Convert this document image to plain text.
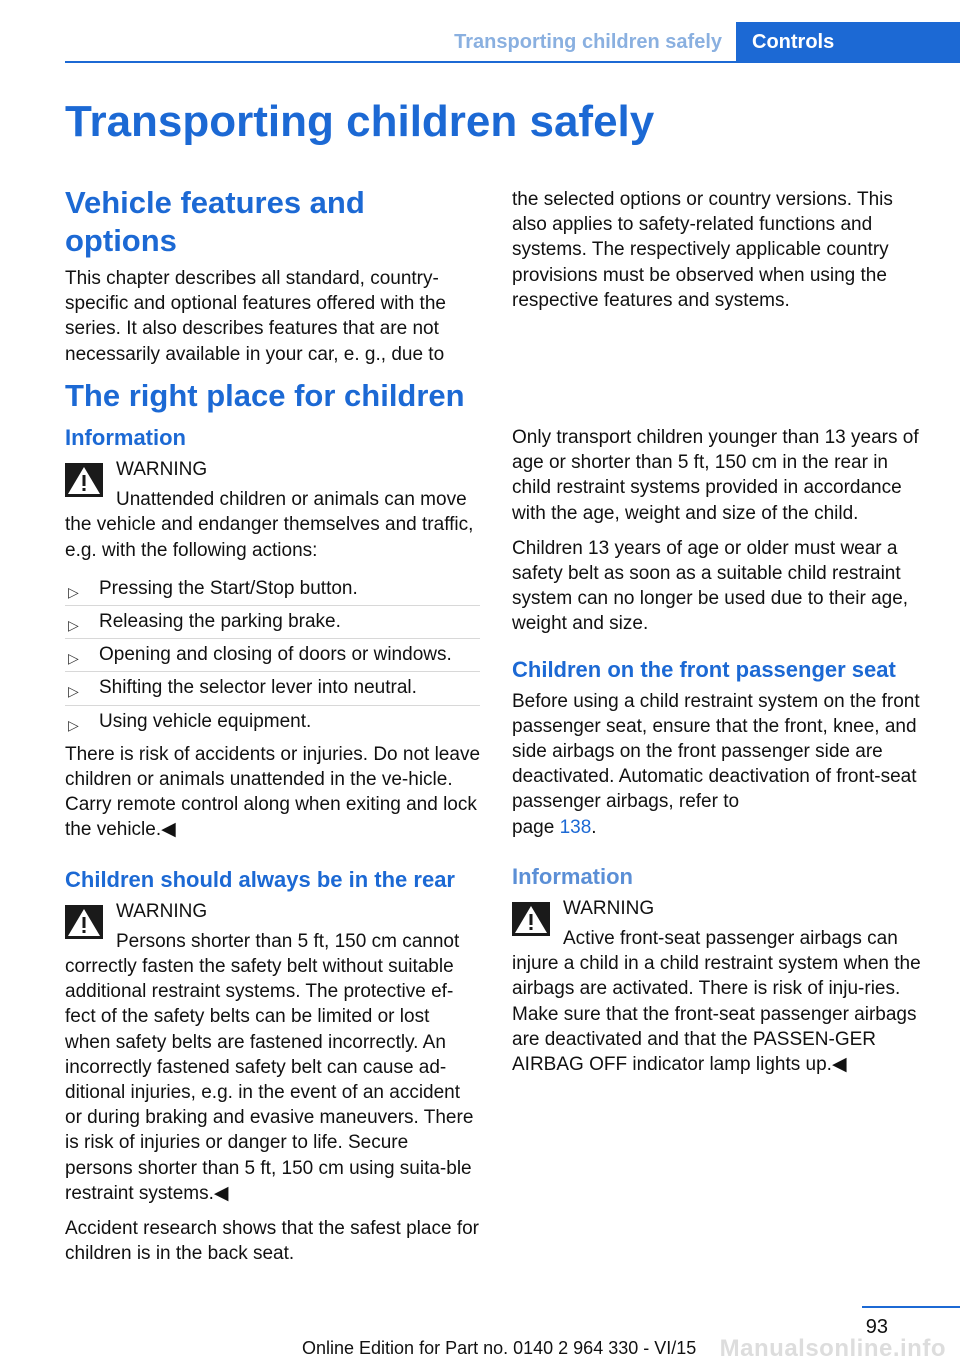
Transporting children safely	Controls
Transporting children safely
Vehicle features and options

This chapter describes all standard, country-specific and optional features offered with the series. It also describes features that are not necessarily available in your car, e. g., due to

the selected options or country versions. This also applies to safety-related functions and systems. The respectively applicable country provisions must be observed when using the respective features and systems.

The right place for children
Information

WARNING

Unattended children or animals can move the vehicle and endanger themselves and traffic, e.g. with the following actions:

▷ Pressing the Start/Stop button.
▷ Releasing the parking brake.
▷ Opening and closing of doors or windows.
▷ Shifting the selector lever into neutral.
▷ Using vehicle equipment.

There is risk of accidents or injuries. Do not leave children or animals unattended in the ve‐hicle. Carry remote control along when exiting and lock the vehicle.◀

Children should always be in the rear

WARNING

Persons shorter than 5 ft, 150 cm cannot correctly fasten the safety belt without suitable additional restraint systems. The protective ef‐fect of the safety belts can be limited or lost when safety belts are fastened incorrectly. An incorrectly fastened safety belt can cause ad‐ditional injuries, e.g. in the event of an accident or during braking and evasive maneuvers. There is risk of injuries or danger to life. Secure persons shorter than 5 ft, 150 cm using suita‐ble restraint systems.◀

Accident research shows that the safest place for children is in the back seat.

Only transport children younger than 13 years of age or shorter than 5 ft, 150 cm in the rear in child restraint systems provided in accordance with the age, weight and size of the child.

Children 13 years of age or older must wear a safety belt as soon as a suitable child restraint system can no longer be used due to their age, weight and size.

Children on the front passenger seat

Before using a child restraint system on the front passenger seat, ensure that the front, knee, and side airbags on the front passenger side are deactivated. Automatic deactivation of front-seat passenger airbags, refer to
page 138.

Information

WARNING

Active front-seat passenger airbags can injure a child in a child restraint system when the airbags are activated. There is risk of inju‐ries. Make sure that the front-seat passenger airbags are deactivated and that the PASSEN‐GER AIRBAG OFF indicator lamp lights up.◀

93
Online Edition for Part no. 0140 2 964 330 - VI/15 Manualsonline.info
